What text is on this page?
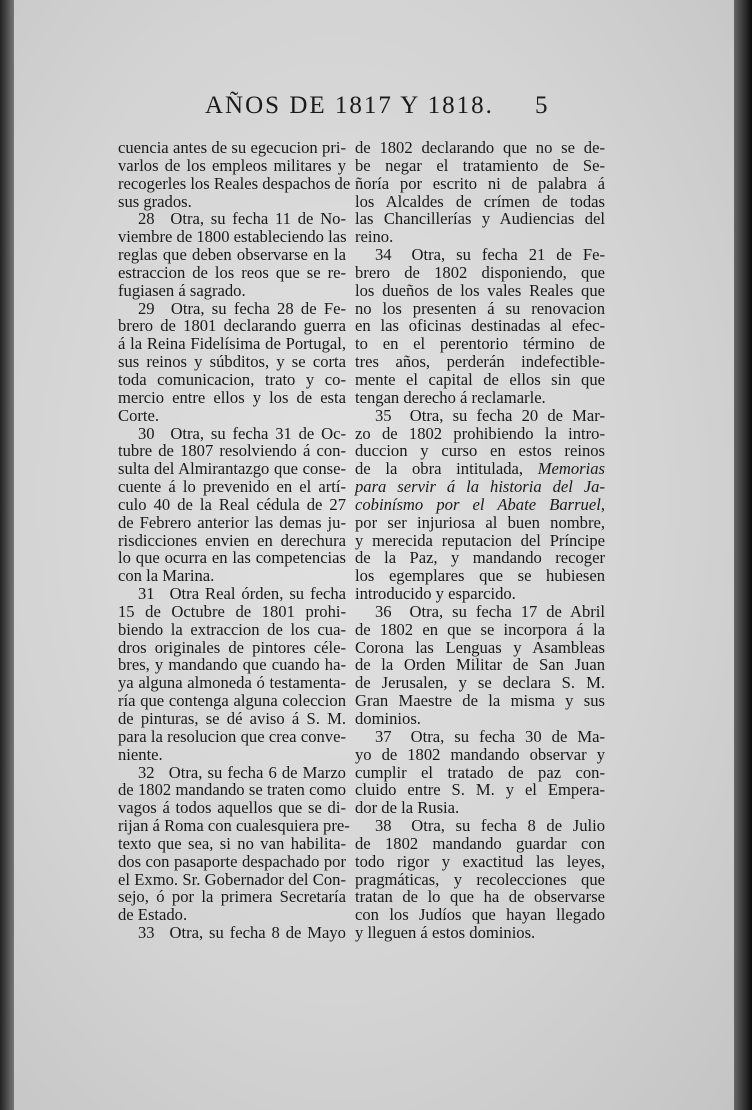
AÑOS DE 1817 Y 1818. 5
cuencia antes de su egecucion pri-
varlos de los empleos militares y
recogerles los Reales despachos de
sus grados.
28 Otra, su fecha 11 de No-
viembre de 1800 estableciendo las
reglas que deben observarse en la
estraccion de los reos que se re-
fugiasen á sagrado.
29 Otra, su fecha 28 de Fe-
brero de 1801 declarando guerra
á la Reina Fidelísima de Portugal,
sus reinos y súbditos, y se corta
toda comunicacion, trato y co-
mercio entre ellos y los de esta
Corte.
30 Otra, su fecha 31 de Oc-
tubre de 1807 resolviendo á con-
sulta del Almirantazgo que conse-
cuente á lo prevenido en el artí-
culo 40 de la Real cédula de 27
de Febrero anterior las demas ju-
risdicciones envien en derechura
lo que ocurra en las competencias
con la Marina.
31 Otra Real órden, su fecha
15 de Octubre de 1801 prohi-
biendo la extraccion de los cua-
dros originales de pintores céle-
bres, y mandando que cuando ha-
ya alguna almoneda ó testamenta-
ría que contenga alguna coleccion
de pinturas, se dé aviso á S. M.
para la resolucion que crea conve-
niente.
32 Otra, su fecha 6 de Marzo
de 1802 mandando se traten como
vagos á todos aquellos que se di-
rijan á Roma con cualesquiera pre-
texto que sea, si no van habilita-
dos con pasaporte despachado por
el Exmo. Sr. Gobernador del Con-
sejo, ó por la primera Secretaría
de Estado.
33 Otra, su fecha 8 de Mayo
de 1802 declarando que no se de-
be negar el tratamiento de Se-
ñoría por escrito ni de palabra á
los Alcaldes de crímen de todas
las Chancillerías y Audiencias del
reino.
34 Otra, su fecha 21 de Fe-
brero de 1802 disponiendo, que
los dueños de los vales Reales que
no los presenten á su renovacion
en las oficinas destinadas al efec-
to en el perentorio término de
tres años, perderán indefectible-
mente el capital de ellos sin que
tengan derecho á reclamarle.
35 Otra, su fecha 20 de Mar-
zo de 1802 prohibiendo la intro-
duccion y curso en estos reinos
de la obra intitulada, Memorias
para servir á la historia del Ja-
cobinísmo por el Abate Barruel,
por ser injuriosa al buen nombre,
y merecida reputacion del Príncipe
de la Paz, y mandando recoger
los egemplares que se hubiesen
introducido y esparcido.
36 Otra, su fecha 17 de Abril
de 1802 en que se incorpora á la
Corona las Lenguas y Asambleas
de la Orden Militar de San Juan
de Jerusalen, y se declara S. M.
Gran Maestre de la misma y sus
dominios.
37 Otra, su fecha 30 de Ma-
yo de 1802 mandando observar y
cumplir el tratado de paz con-
cluido entre S. M. y el Empera-
dor de la Rusia.
38 Otra, su fecha 8 de Julio
de 1802 mandando guardar con
todo rigor y exactitud las leyes,
pragmáticas, y recolecciones que
tratan de lo que ha de observarse
con los Judíos que hayan llegado
y lleguen á estos dominios.
